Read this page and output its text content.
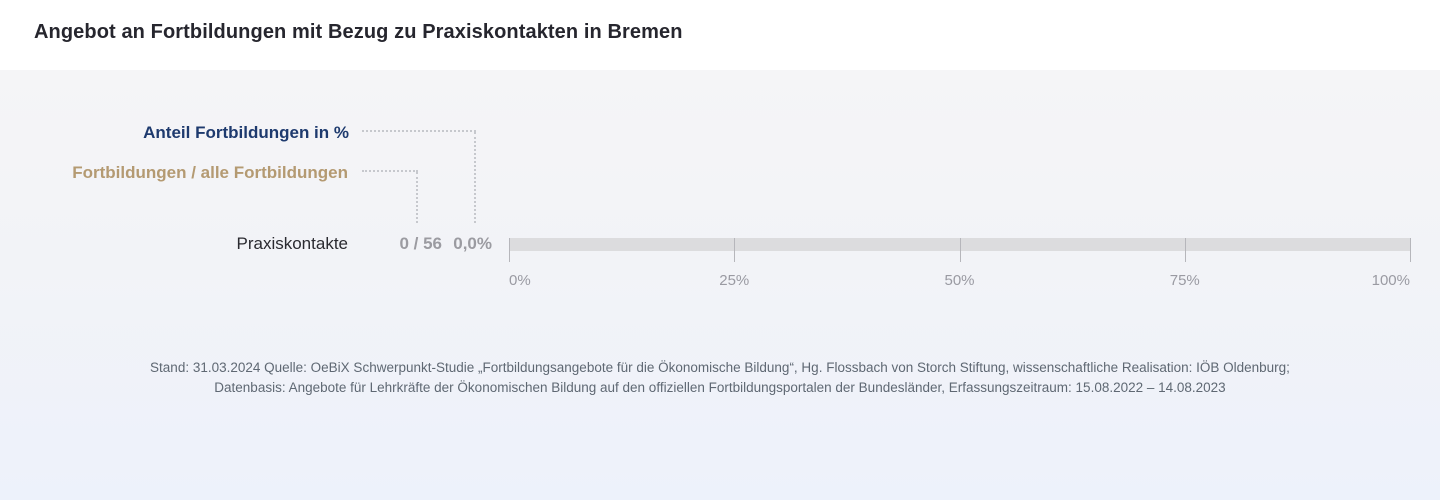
Angebot an Fortbildungen mit Bezug zu Praxiskontakten in Bremen
Anteil Fortbildungen in %
Fortbildungen / alle Fortbildungen
Praxiskontakte	0 / 56 0,0%
0%	25%	50%	75%	100%
Stand: 31.03.2024 Quelle: OeBiX Schwerpunkt-Studie „Fortbildungsangebote für die Ökonomische Bildung“, Hg. Flossbach von Storch Stiftung, wissenschaftliche Realisation: IÖB Oldenburg;
Datenbasis: Angebote für Lehrkräfte der Ökonomischen Bildung auf den offiziellen Fortbildungsportalen der Bundesländer, Erfassungszeitraum: 15.08.2022 – 14.08.2023
